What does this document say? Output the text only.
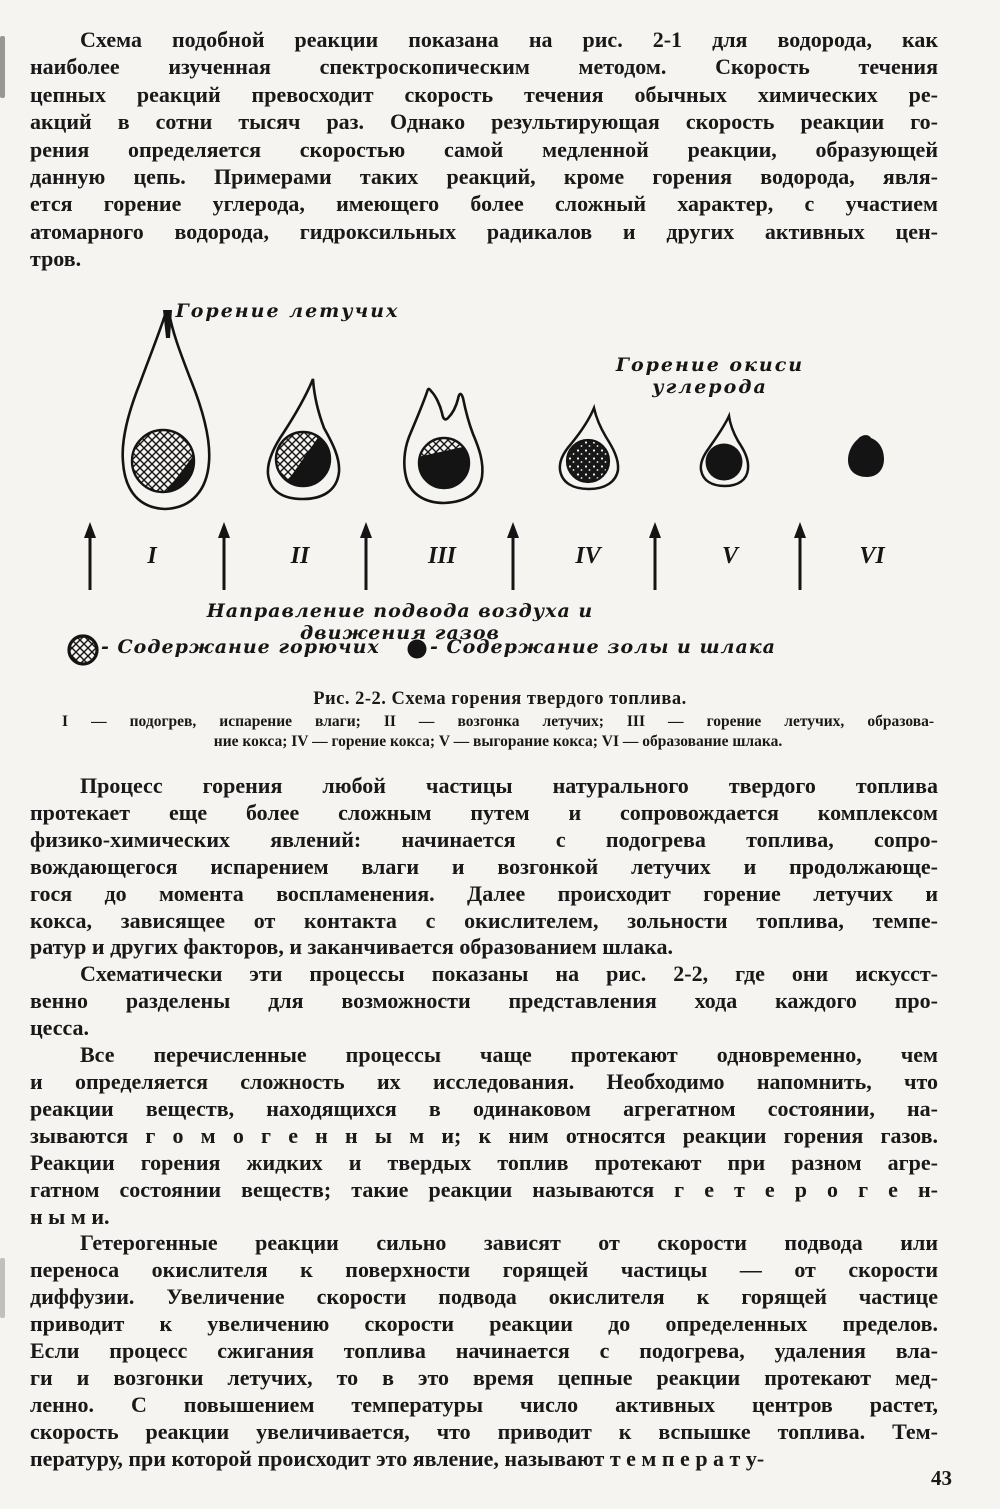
Схема подобной реакции показана на рис. 2-1 для водорода, как
наиболее изученная спектроскопическим методом. Скорость течения
цепных реакций превосходит скорость течения обычных химических ре-
акций в сотни тысяч раз. Однако результирующая скорость реакции го-
рения определяется скоростью самой медленной реакции, образующей
данную цепь. Примерами таких реакций, кроме горения водорода, явля-
ется горение углерода, имеющего более сложный характер, с участием
атомарного водорода, гидроксильных радикалов и других активных цен-
тров.
Горение летучих
Горение окиси углерода
I	II	III	IV	V	VI
Направление подвода воздуха и движения газов
- Содержание горючих	- Содержание золы и шлака
Рис. 2-2. Схема горения твердого топлива.
I — подогрев, испарение влаги; II — возгонка летучих; III — горение летучих, образова-
ние кокса; IV — горение кокса; V — выгорание кокса; VI — образование шлака.
Процесс горения любой частицы натурального твердого топлива
протекает еще более сложным путем и сопровождается комплексом
физико-химических явлений: начинается с подогрева топлива, сопро-
вождающегося испарением влаги и возгонкой летучих и продолжающе-
гося до момента воспламенения. Далее происходит горение летучих и
кокса, зависящее от контакта с окислителем, зольности топлива, темпе-
ратур и других факторов, и заканчивается образованием шлака.
Схематически эти процессы показаны на рис. 2-2, где они искусст-
венно разделены для возможности представления хода каждого про-
цесса.
Все перечисленные процессы чаще протекают одновременно, чем
и определяется сложность их исследования. Необходимо напомнить, что
реакции веществ, находящихся в одинаковом агрегатном состоянии, на-
зываются г о м о г е н н ы м и; к ним относятся реакции горения газов.
Реакции горения жидких и твердых топлив протекают при разном агре-
гатном состоянии веществ; такие реакции называются г е т е р о г е н-
н ы м и.
Гетерогенные реакции сильно зависят от скорости подвода или
переноса окислителя к поверхности горящей частицы — от скорости
диффузии. Увеличение скорости подвода окислителя к горящей частице
приводит к увеличению скорости реакции до определенных пределов.
Если процесс сжигания топлива начинается с подогрева, удаления вла-
ги и возгонки летучих, то в это время цепные реакции протекают мед-
ленно. С повышением температуры число активных центров растет,
скорость реакции увеличивается, что приводит к вспышке топлива. Тем-
пературу, при которой происходит это явление, называют т е м п е р а т у-
43
